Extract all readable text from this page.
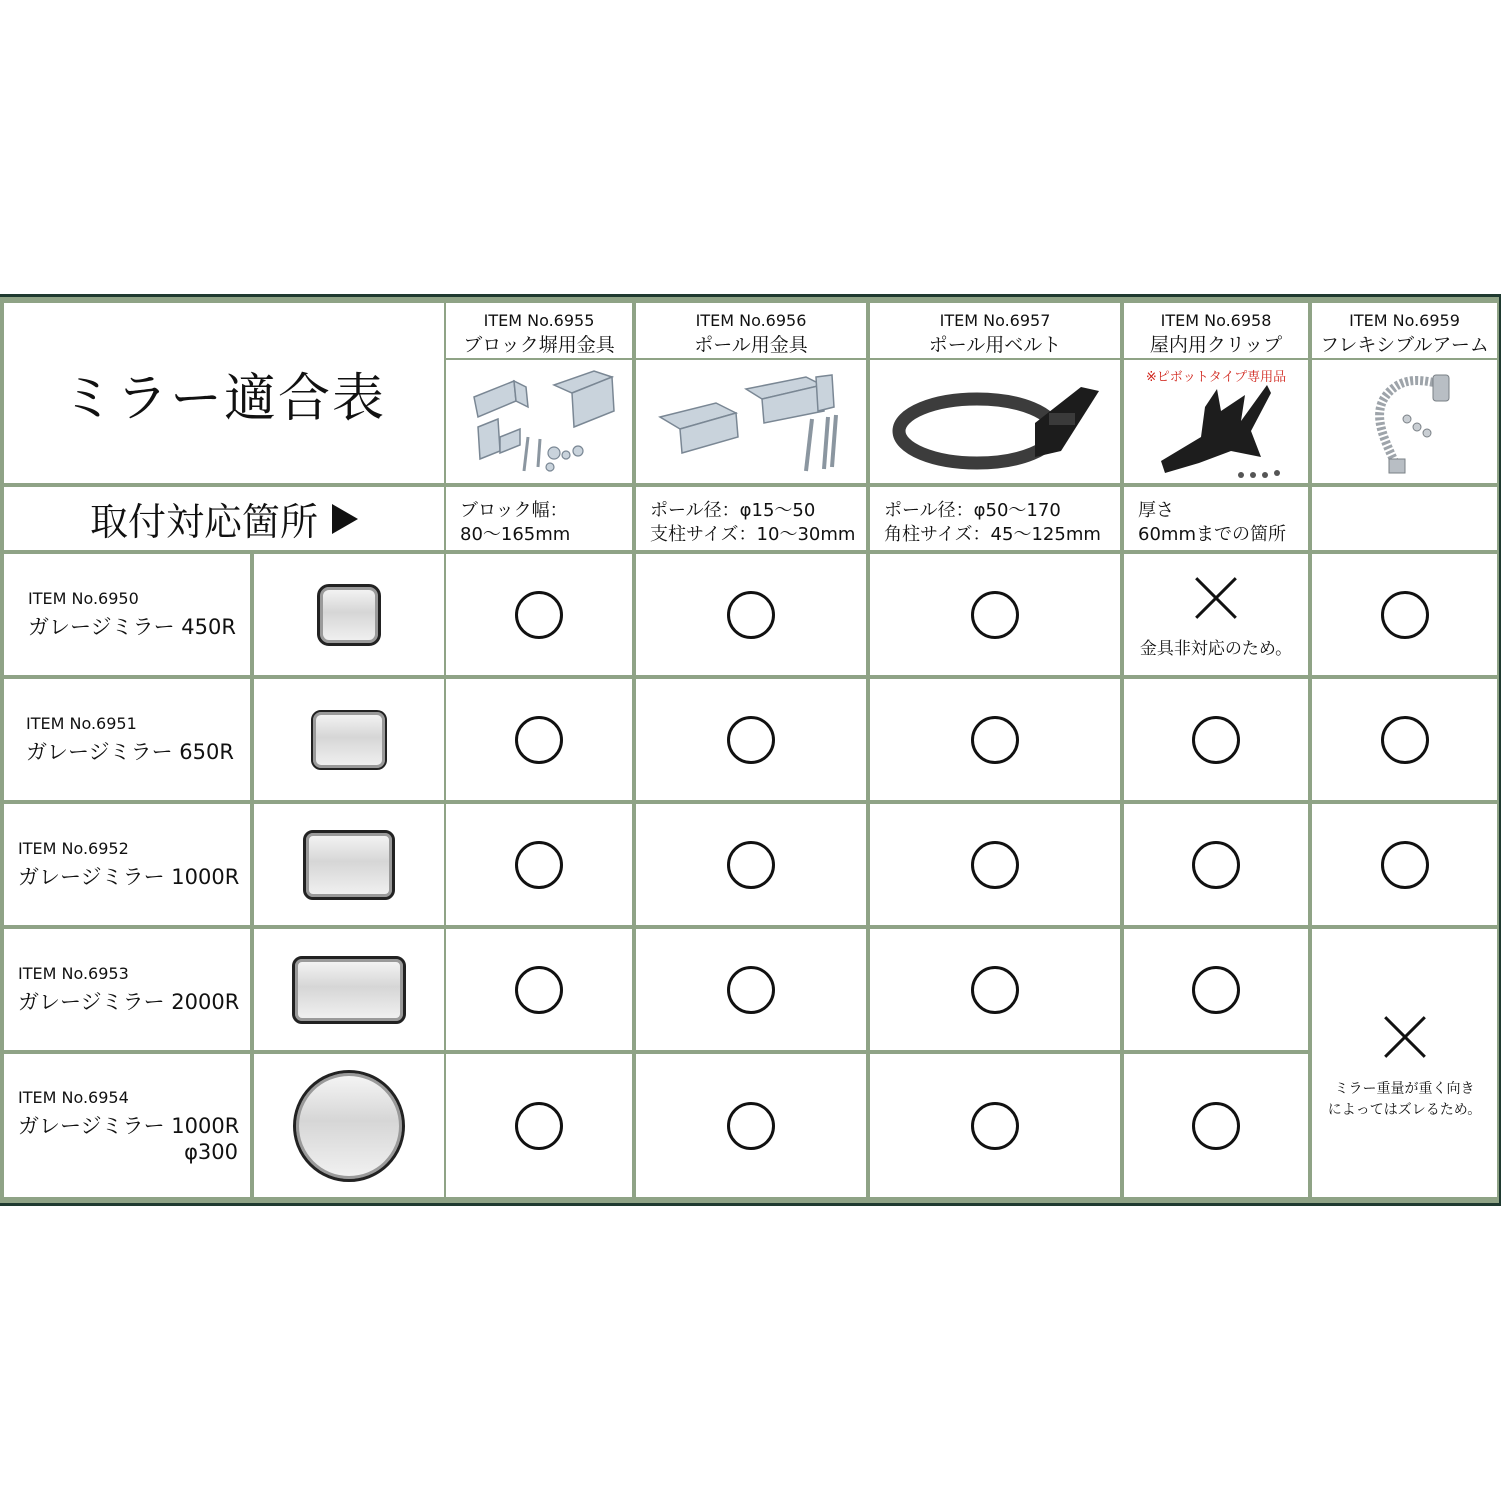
ミラー適合表
取付対応箇所
ITEM No.6955
ブロック塀用金具
ブロック幅：
80～165mm
ITEM No.6956
ポール用金具
ポール径：φ15～50
支柱サイズ：10～30mm
ITEM No.6957
ポール用ベルト
ポール径：φ50～170
角柱サイズ：45～125mm
ITEM No.6958
屋内用クリップ
※ピボットタイプ専用品
厚さ
60mmまでの箇所
ITEM No.6959
フレキシブルアーム
ITEM No.6950
ガレージミラー 450R
金具非対応のため。
ITEM No.6951
ガレージミラー 650R
ITEM No.6952
ガレージミラー 1000R
ITEM No.6953
ガレージミラー 2000R
ITEM No.6954
ガレージミラー 1000R
φ300
ミラー重量が重く向き
によってはズレるため。
